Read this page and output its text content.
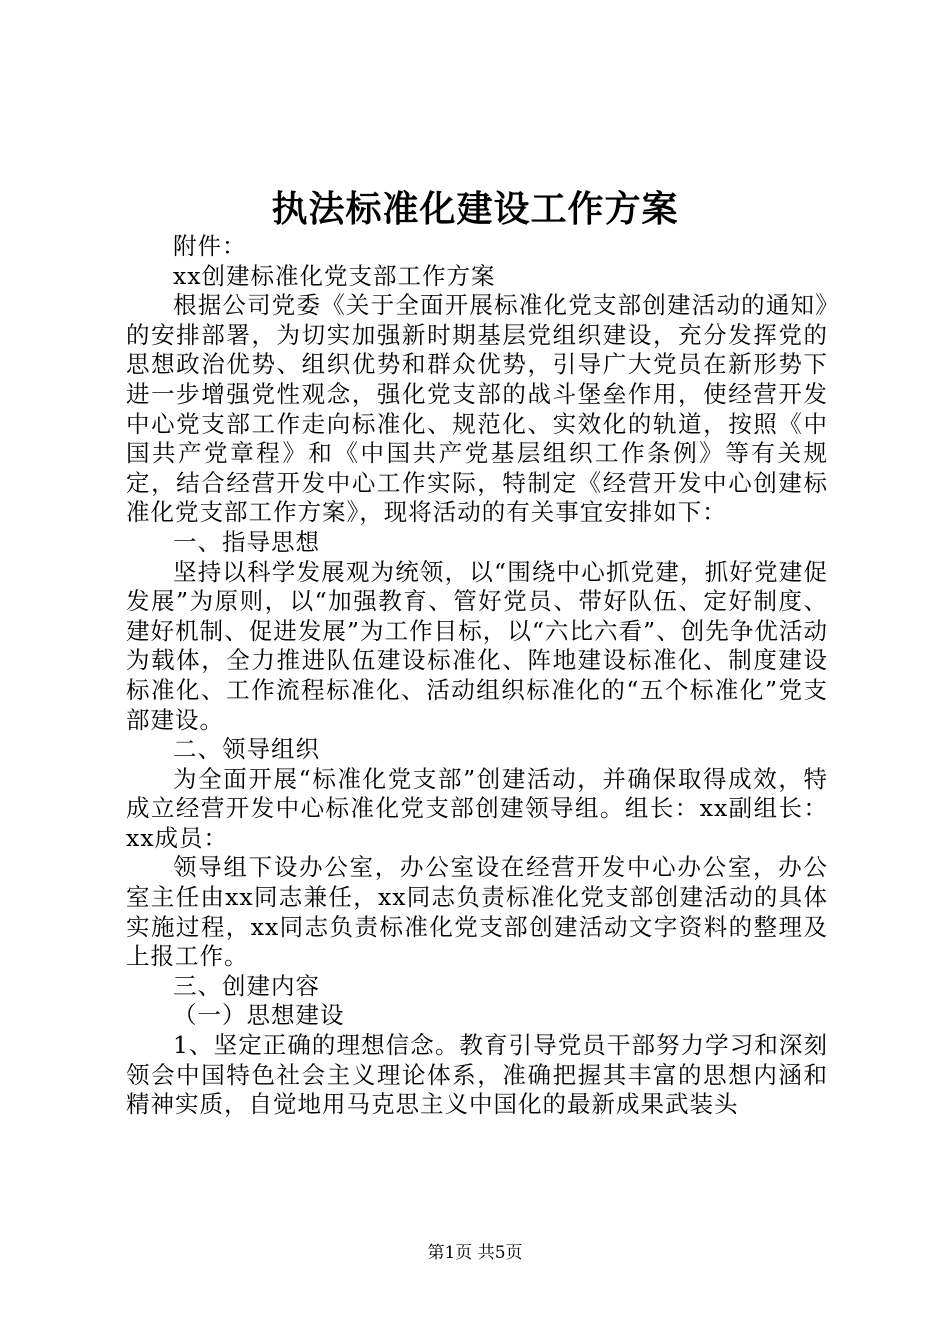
执法标准化建设工作方案

附件：

xx创建标准化党支部工作方案

根据公司党委《关于全面开展标准化党支部创建活动的通知》的安排部署，为切实加强新时期基层党组织建设，充分发挥党的思想政治优势、组织优势和群众优势，引导广大党员在新形势下进一步增强党性观念，强化党支部的战斗堡垒作用，使经营开发中心党支部工作走向标准化、规范化、实效化的轨道，按照《中国共产党章程》和《中国共产党基层组织工作条例》等有关规定，结合经营开发中心工作实际，特制定《经营开发中心创建标准化党支部工作方案》，现将活动的有关事宜安排如下：

一、指导思想

坚持以科学发展观为统领，以“围绕中心抓党建，抓好党建促发展”为原则，以“加强教育、管好党员、带好队伍、定好制度、建好机制、促进发展”为工作目标，以“六比六看”、创先争优活动为载体，全力推进队伍建设标准化、阵地建设标准化、制度建设标准化、工作流程标准化、活动组织标准化的“五个标准化”党支部建设。

二、领导组织

为全面开展“标准化党支部”创建活动，并确保取得成效，特成立经营开发中心标准化党支部创建领导组。组长：xx副组长：xx成员：

领导组下设办公室，办公室设在经营开发中心办公室，办公室主任由xx同志兼任，xx同志负责标准化党支部创建活动的具体实施过程，xx同志负责标准化党支部创建活动文字资料的整理及上报工作。

三、创建内容

（一）思想建设

1、坚定正确的理想信念。教育引导党员干部努力学习和深刻领会中国特色社会主义理论体系，准确把握其丰富的思想内涵和精神实质，自觉地用马克思主义中国化的最新成果武装头

第1页 共5页
